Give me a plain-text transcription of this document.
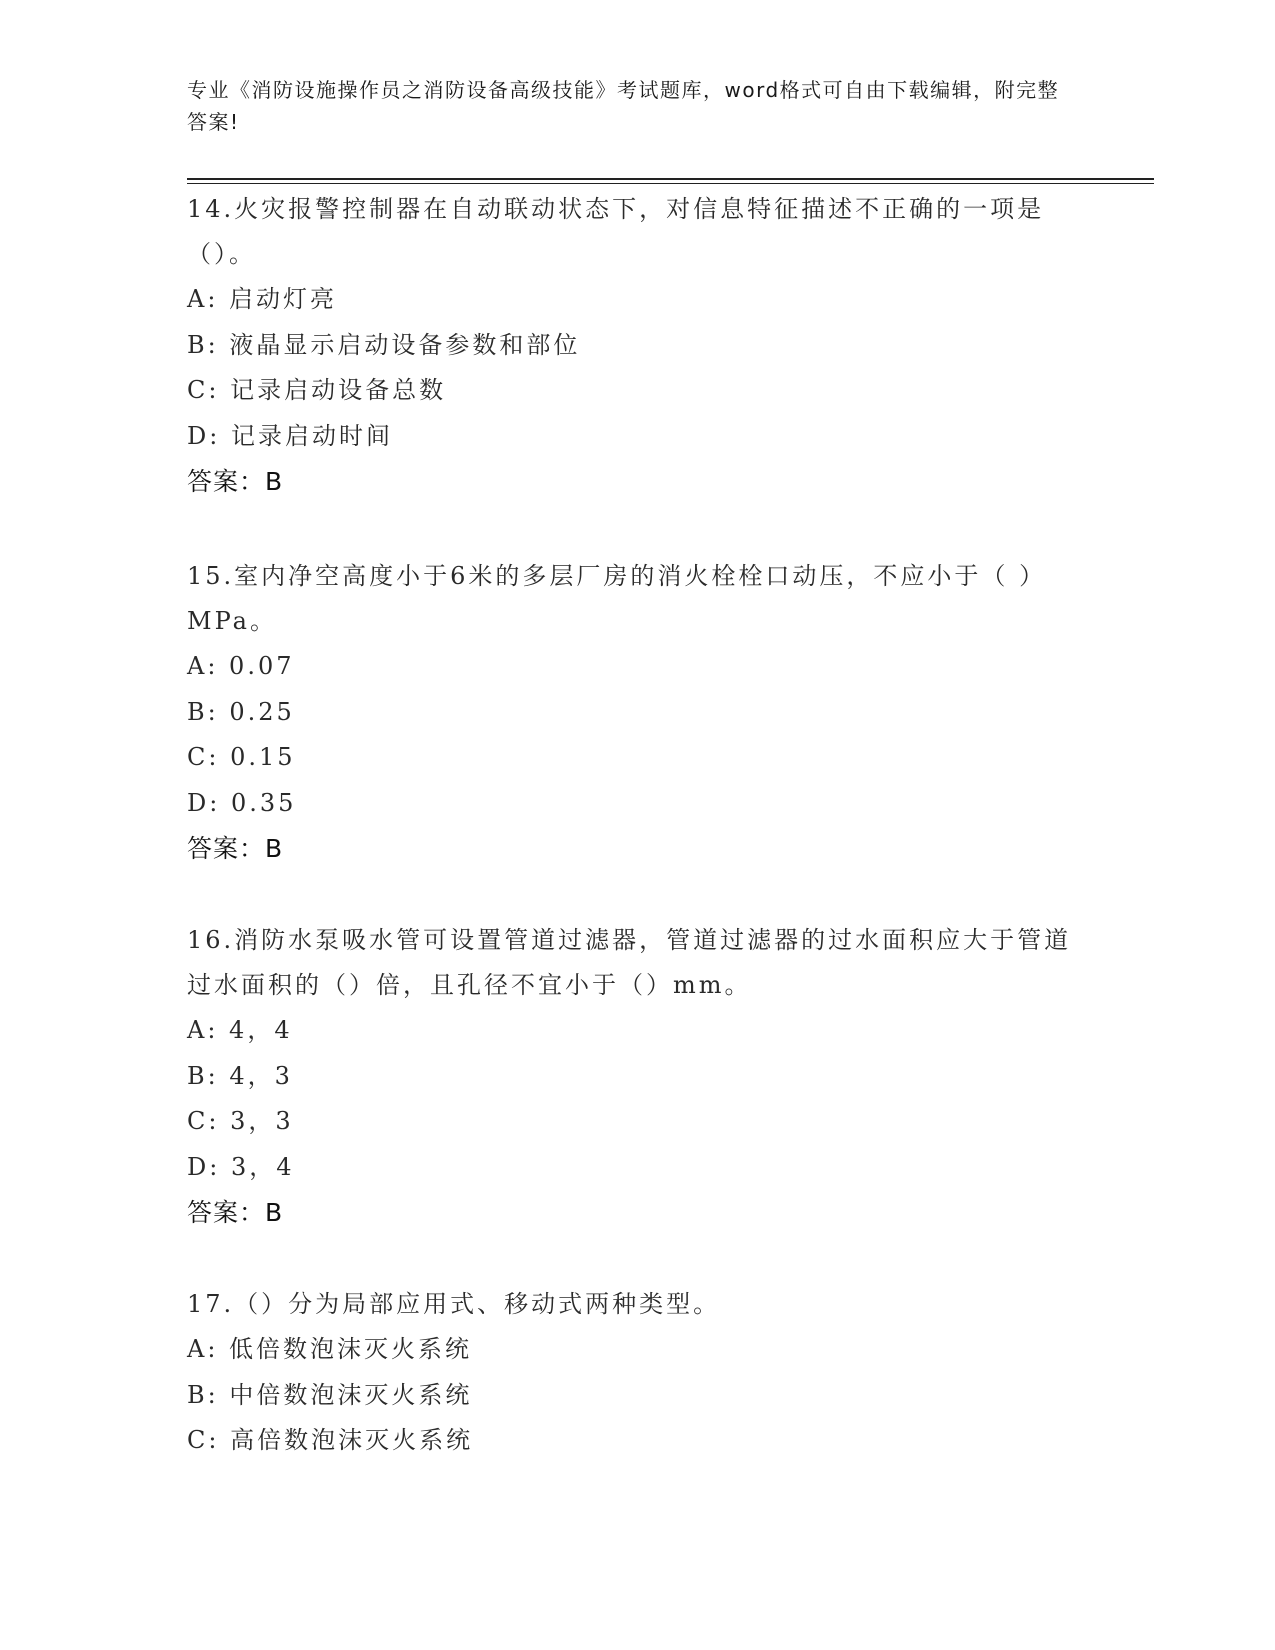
专业《消防设施操作员之消防设备高级技能》考试题库，word格式可自由下载编辑，附完整答案!
14.火灾报警控制器在自动联动状态下，对信息特征描述不正确的一项是（）。
A: 启动灯亮
B: 液晶显示启动设备参数和部位
C: 记录启动设备总数
D: 记录启动时间
答案：B
15.室内净空高度小于6米的多层厂房的消火栓栓口动压，不应小于（ ）MPa。
A: 0.07
B: 0.25
C: 0.15
D: 0.35
答案：B
16.消防水泵吸水管可设置管道过滤器，管道过滤器的过水面积应大于管道过水面积的（）倍，且孔径不宜小于（）mm。
A: 4，4
B: 4，3
C: 3，3
D: 3，4
答案：B
17.（）分为局部应用式、移动式两种类型。
A: 低倍数泡沫灭火系统
B: 中倍数泡沫灭火系统
C: 高倍数泡沫灭火系统
